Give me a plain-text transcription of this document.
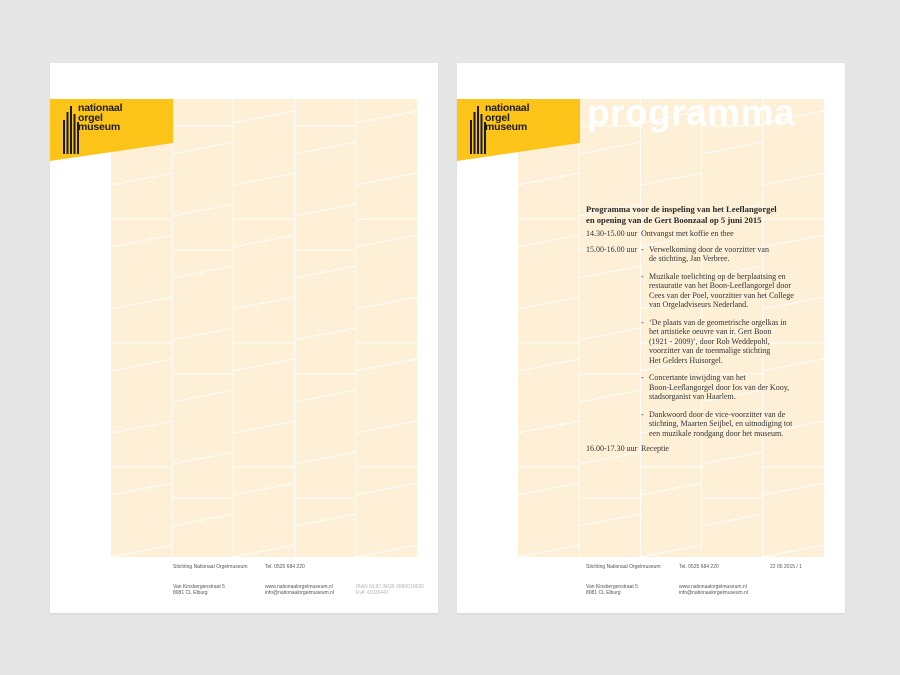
nationaal
orgel
museum
Stichting Nationaal Orgelmuseum

Van Kinsbergenstraat 5
8081 CL Elburg
Tel. 0525 684 220

www.nationaalorgelmuseum.nl
info@nationaalorgelmuseum.nl

IBAN NL82 INGB 0680010630
KvK 41036447
programma
nationaal
orgel
museum
Programma voor de inspeling van het Leeflangorgel
en opening van de Gert Boonzaal op 5 juni 2015
14.30-15.00 uur Ontvangst met koffie en thee
15.00-16.00 uur - Verwelkoming door de voorzitter van
de stichting, Jan Verbree.
- Muzikale toelichting op de herplaatsing en
restauratie van het Boon-Leeflangorgel door
Cees van der Poel, voorzitter van het College
van Orgeladviseurs Nederland.
- ‘De plaats van de geometrische orgelkas in
het artistieke oeuvre van ir. Gert Boon
(1921 - 2009)’, door Rob Weddepohl,
voorzitter van de toenmalige stichting
Het Gelders Huisorgel.
- Concertante inwijding van het
Boon-Leeflangorgel door Ios van der Kooy,
stadsorganist van Haarlem.
- Dankwoord door de vice-voorzitter van de
stichting, Maarten Seijbel, en uitnodiging tot
een muzikale rondgang door het museum.
16.00-17.30 uur Receptie
Stichting Nationaal Orgelmuseum

Van Kinsbergenstraat 5
8081 CL Elburg
Tel. 0525 684 220

www.nationaalorgelmuseum.nl
info@nationaalorgelmuseum.nl
22 05 2015 / 1
